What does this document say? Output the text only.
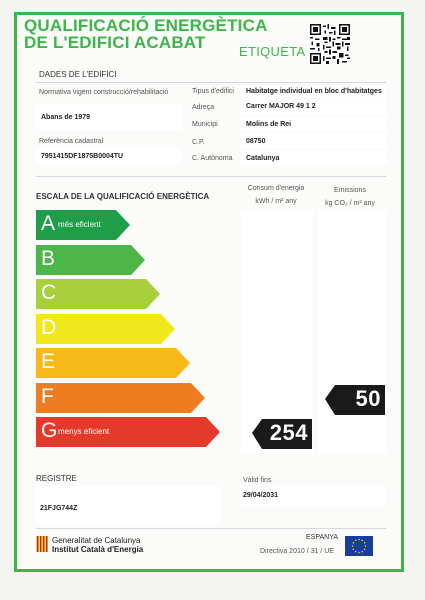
QUALIFICACIÓ ENERGÈTICA
DE L'EDIFICI ACABAT	ETIQUETA
DADES DE L'EDIFICI
Normativa vigent construcció/rehabilitació
Abans de 1979
Referència cadastral
7951415DF1875B0004TU
Tipus d'edifici Habitatge individual en bloc d'habitatges
Adreça	Carrer MAJOR 49 1 2
Municipi	Molins de Rei
C.P.	08750
C. Autònoma Catalunya
ESCALA DE LA QUALIFICACIÓ ENERGÈTICA
Consum d'energia
kWh / m² any
Emissions
kg CO₂ / m² any
A més eficient
B
C
D
E
F
G menys eficient	254
50
REGISTRE
21FJG744Z
Vàlid fins
29/04/2031
Generalitat de Catalunya
Institut Català d'Energia
ESPANYA
Directiva 2010 / 31 / UE
